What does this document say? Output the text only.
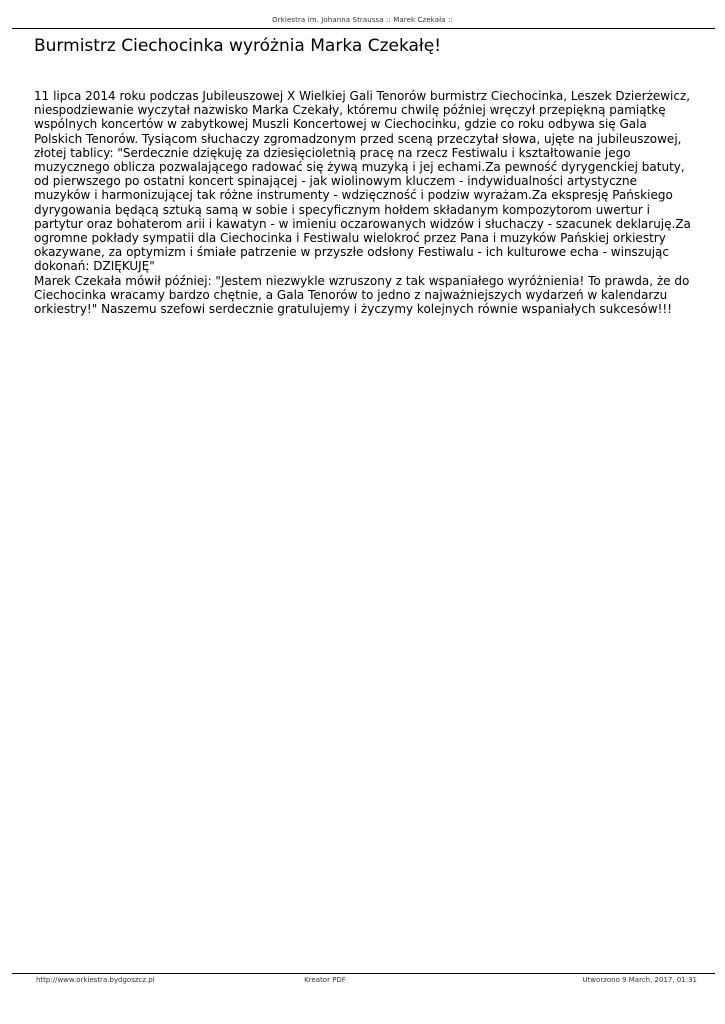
Orkiestra im. Johanna Straussa :: Marek Czekała ::
Burmistrz Ciechocinka wyróżnia Marka Czekałę!

11 lipca 2014 roku podczas Jubileuszowej X Wielkiej Gali Tenorów burmistrz Ciechocinka, Leszek Dzierżewicz, niespodziewanie wyczytał nazwisko Marka Czekały, któremu chwilę później wręczył przepiękną pamiątkę wspólnych koncertów w zabytkowej Muszli Koncertowej w Ciechocinku, gdzie co roku odbywa się Gala Polskich Tenorów. Tysiącom słuchaczy zgromadzonym przed sceną przeczytał słowa, ujęte na jubileuszowej, złotej tablicy: "Serdecznie dziękuję za dziesięcioletnią pracę na rzecz Festiwalu i kształtowanie jego muzycznego oblicza pozwalającego radować się żywą muzyką i jej echami.Za pewność dyrygenckiej batuty, od pierwszego po ostatni koncert spinającej - jak wiolinowym kluczem - indywidualności artystyczne muzyków i harmonizującej tak różne instrumenty - wdzięczność i podziw wyrażam.Za ekspresję Pańskiego dyrygowania będącą sztuką samą w sobie i specyficznym hołdem składanym kompozytorom uwertur i partytur oraz bohaterom arii i kawatyn - w imieniu oczarowanych widzów i słuchaczy - szacunek deklaruję.Za ogromne pokłady sympatii dla Ciechocinka i Festiwalu wielokroć przez Pana i muzyków Pańskiej orkiestry okazywane, za optymizm i śmiałe patrzenie w przyszłe odsłony Festiwalu - ich kulturowe echa - winszując dokonań: DZIĘKUJĘ"

Marek Czekała mówił później: "Jestem niezwykle wzruszony z tak wspaniałego wyróżnienia! To prawda, że do Ciechocinka wracamy bardzo chętnie, a Gala Tenorów to jedno z najważniejszych wydarzeń w kalendarzu orkiestry!" Naszemu szefowi serdecznie gratulujemy i życzymy kolejnych równie wspaniałych sukcesów!!!

http://www.orkiestra.bydgoszcz.pl	Kreator PDF	Utworzono 9 March, 2017, 01:31
